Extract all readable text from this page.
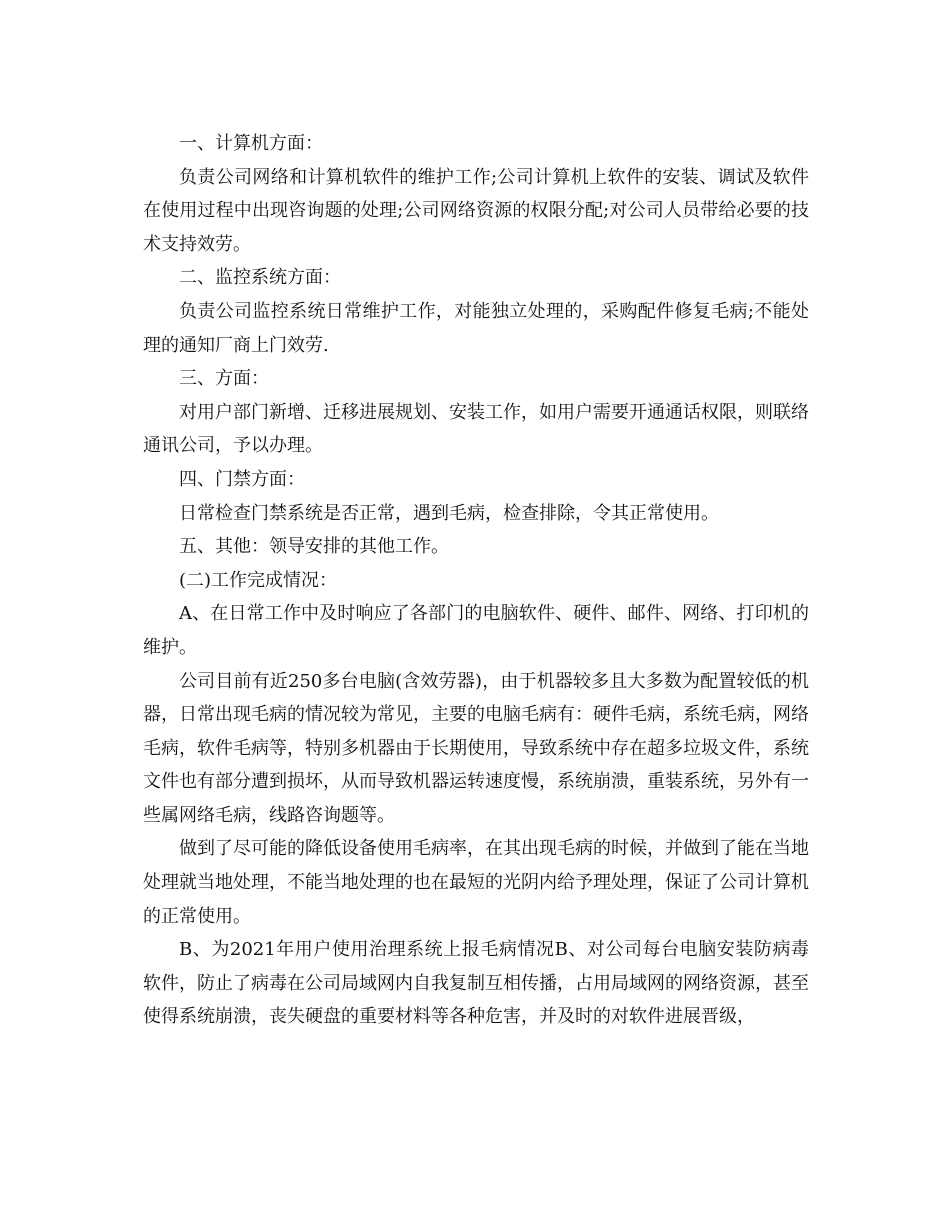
一、计算机方面：

负责公司网络和计算机软件的维护工作;公司计算机上软件的安装、调试及软件在使用过程中出现咨询题的处理;公司网络资源的权限分配;对公司人员带给必要的技术支持效劳。

二、监控系统方面：

负责公司监控系统日常维护工作，对能独立处理的，采购配件修复毛病;不能处理的通知厂商上门效劳.

三、方面：

对用户部门新增、迁移进展规划、安装工作，如用户需要开通通话权限，则联络通讯公司，予以办理。

四、门禁方面：

日常检查门禁系统是否正常，遇到毛病，检查排除，令其正常使用。

五、其他：领导安排的其他工作。

(二)工作完成情况：

A、在日常工作中及时响应了各部门的电脑软件、硬件、邮件、网络、打印机的维护。

公司目前有近250多台电脑(含效劳器)，由于机器较多且大多数为配置较低的机器，日常出现毛病的情况较为常见，主要的电脑毛病有：硬件毛病，系统毛病，网络毛病，软件毛病等，特别多机器由于长期使用，导致系统中存在超多垃圾文件，系统文件也有部分遭到损坏，从而导致机器运转速度慢，系统崩溃，重装系统，另外有一些属网络毛病，线路咨询题等。

做到了尽可能的降低设备使用毛病率，在其出现毛病的时候，并做到了能在当地处理就当地处理，不能当地处理的也在最短的光阴内给予理处理，保证了公司计算机的正常使用。

B、为2021年用户使用治理系统上报毛病情况B、对公司每台电脑安装防病毒软件，防止了病毒在公司局域网内自我复制互相传播，占用局域网的网络资源，甚至使得系统崩溃，丧失硬盘的重要材料等各种危害，并及时的对软件进展晋级，
